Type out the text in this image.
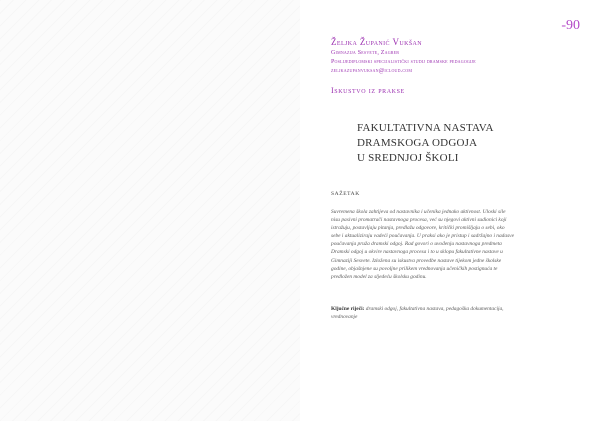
-90
Željka Županić Vukšan
Gimnazija Sesvete, Zagreb
Poslijediplomski specijalistički studij dramske pedagogije
zeljkazupanvuksan@icloud.com
Iskustvo iz prakse
FAKULTATIVNA NASTAVA
DRAMSKOGA ODGOJA
U SREDNJOJ ŠKOLI
SAŽETAK
Suvremena škola zahtijeva od nastavnika i učenika jednako aktivnost. Uloski sile
nisu pasivni promatrači nastavnoga procesa, već su njegovi aktivni sudionici koji
istražuju, postavljaju pitanja, predlažu odgovore, kritički promišljaju o sebi, oko
sebe i aktualiziraju vadeći poučavanja. U praksi ako je pristup i sadržajno i nadasve
poučavanja pruža dramski odgoj. Rad govori o uvođenju nastavnoga predmeta
Dramski odgoj u okvire nastavnoga procesa i to u sklopu fakultativne nastave u
Gimnaziji Sesvete. Izložena su iskustva provedbe nastave tijekom jedne školske
godine, objašnjene su povoljne prilikem vrednovanja učeničkih postignuća te
predložen model za sljedeću školsku godinu.
Ključne riječi: dramski odgoj, fakultativna nastava, pedagoška dokumentacija,
vrednovanje
